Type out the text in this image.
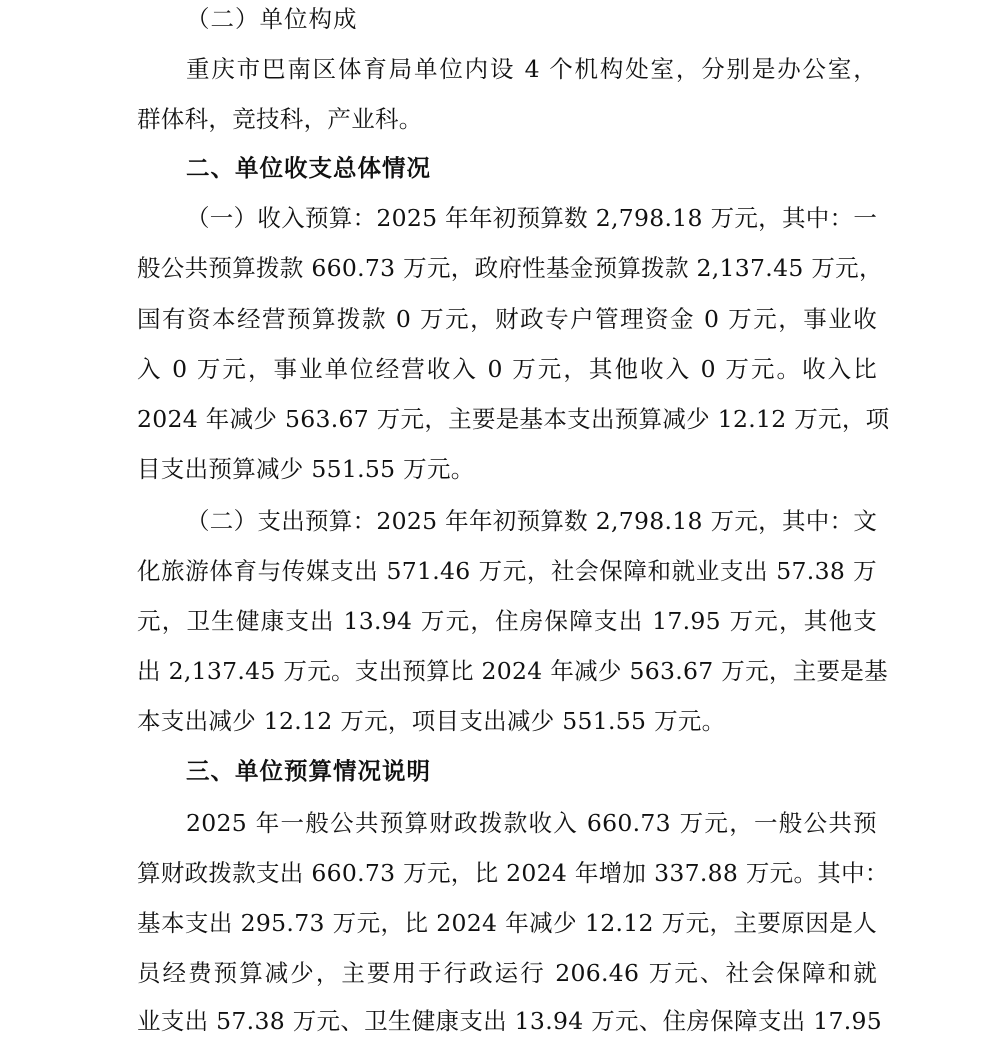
（二）单位构成
重庆市巴南区体育局单位内设 4 个机构处室，分别是办公室，
群体科，竞技科，产业科。
二、单位收支总体情况
（一）收入预算：2025 年年初预算数 2,798.18 万元，其中：一
般公共预算拨款 660.73 万元，政府性基金预算拨款 2,137.45 万元，
国有资本经营预算拨款 0 万元，财政专户管理资金 0 万元，事业收
入 0 万元，事业单位经营收入 0 万元，其他收入 0 万元。收入比
2024 年减少 563.67 万元，主要是基本支出预算减少 12.12 万元，项
目支出预算减少 551.55 万元。
（二）支出预算：2025 年年初预算数 2,798.18 万元，其中：文
化旅游体育与传媒支出 571.46 万元，社会保障和就业支出 57.38 万
元，卫生健康支出 13.94 万元，住房保障支出 17.95 万元，其他支
出 2,137.45 万元。支出预算比 2024 年减少 563.67 万元，主要是基
本支出减少 12.12 万元，项目支出减少 551.55 万元。
三、单位预算情况说明
2025 年一般公共预算财政拨款收入 660.73 万元，一般公共预
算财政拨款支出 660.73 万元，比 2024 年增加 337.88 万元。其中：
基本支出 295.73 万元，比 2024 年减少 12.12 万元，主要原因是人
员经费预算减少，主要用于行政运行 206.46 万元、社会保障和就
业支出 57.38 万元、卫生健康支出 13.94 万元、住房保障支出 17.95
